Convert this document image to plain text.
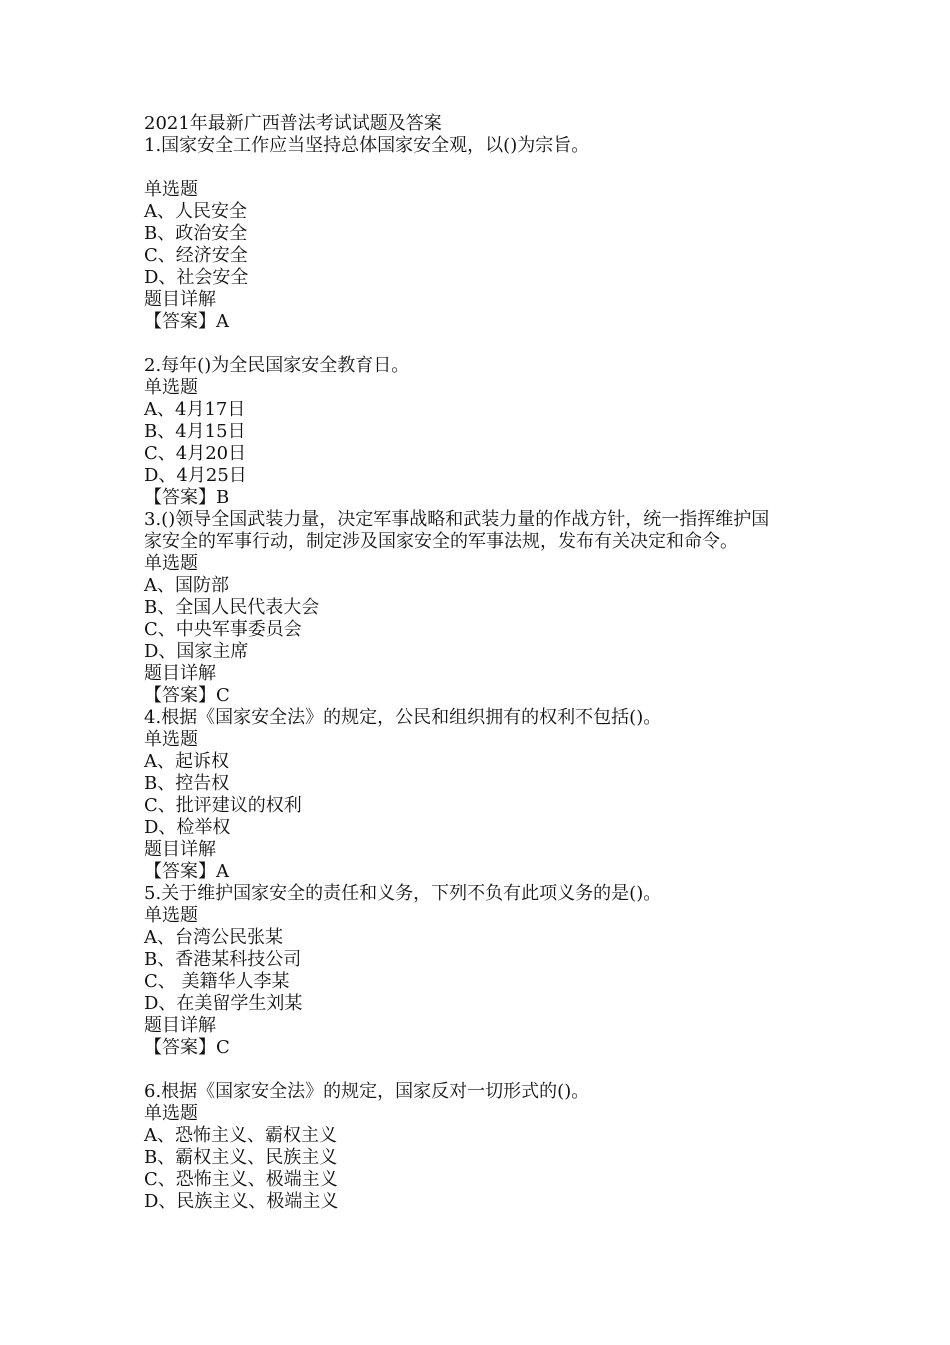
2021年最新广西普法考试试题及答案
1.国家安全工作应当坚持总体国家安全观，以()为宗旨。
单选题
A、人民安全
B、政治安全
C、经济安全
D、社会安全
题目详解
【答案】A
2.每年()为全民国家安全教育日。
单选题
A、4月17日
B、4月15日
C、4月20日
D、4月25日
【答案】B
3.()领导全国武装力量，决定军事战略和武装力量的作战方针，统一指挥维护国
家安全的军事行动，制定涉及国家安全的军事法规，发布有关决定和命令。
单选题
A、国防部
B、全国人民代表大会
C、中央军事委员会
D、国家主席
题目详解
【答案】C
4.根据《国家安全法》的规定，公民和组织拥有的权利不包括()。
单选题
A、起诉权
B、控告权
C、批评建议的权利
D、检举权
题目详解
【答案】A
5.关于维护国家安全的责任和义务，下列不负有此项义务的是()。
单选题
A、台湾公民张某
B、香港某科技公司
C、 美籍华人李某
D、在美留学生刘某
题目详解
【答案】C
6.根据《国家安全法》的规定，国家反对一切形式的()。
单选题
A、恐怖主义、霸权主义
B、霸权主义、民族主义
C、恐怖主义、极端主义
D、民族主义、极端主义
